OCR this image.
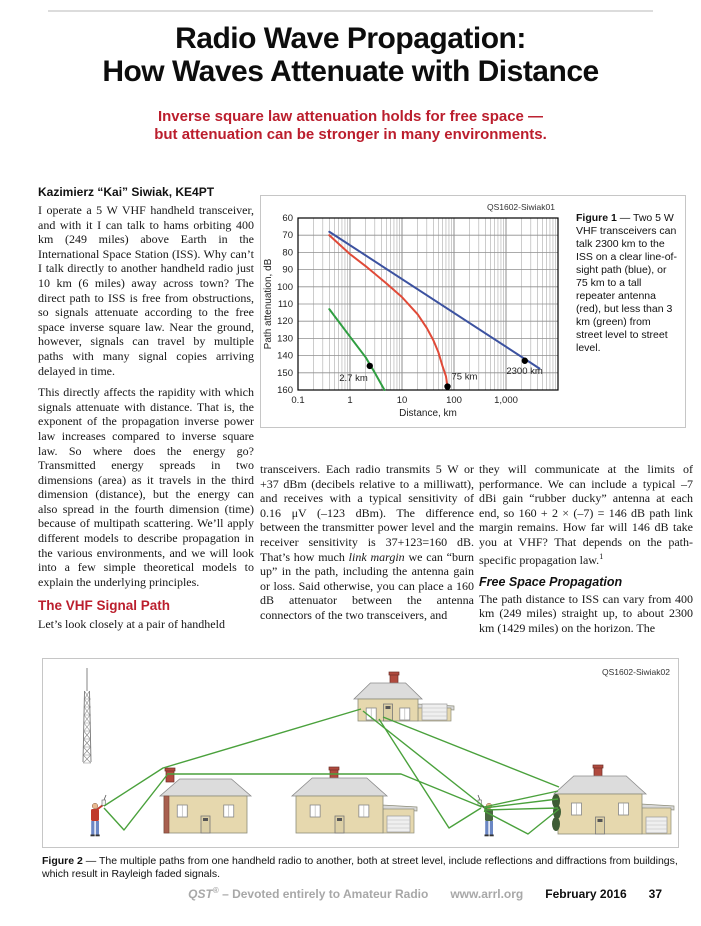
Radio Wave Propagation:
How Waves Attenuate with Distance
Inverse square law attenuation holds for free space —
but attenuation can be stronger in many environments.
Kazimierz “Kai” Siwiak, KE4PT

I operate a 5 W VHF handheld transceiver, and with it I can talk to hams orbiting 400 km (249 miles) above Earth in the International Space Station (ISS). Why can’t I talk directly to another handheld radio just 10 km (6 miles) away across town? The direct path to ISS is free from obstructions, so signals attenuate according to the free space inverse square law. Near the ground, however, signals can travel by multiple paths with many signal copies arriving delayed in time.

This directly affects the rapidity with which signals attenuate with distance. That is, the exponent of the propagation inverse power law increases compared to inverse square law. So where does the energy go? Transmitted energy spreads in two dimensions (area) as it travels in the third dimension (distance), but the energy can also spread in the fourth dimension (time) because of multipath scattering. We’ll apply different models to describe propagation in the various environments, and we will look into a few simple theoretical models to explain the underlying principles.

The VHF Signal Path

Let’s look closely at a pair of handheld

2300 km
75 km
2.7 km
0.1	1	10	100	1,000
60
70
80
90
100
110
120
130
140
150
160
Distance, km
Path attenuation, dB
QS1602-Siwiak01
Figure 1 — Two 5 W VHF transceivers can talk 2300 km to the ISS on a clear line-of-sight path (blue), or 75 km to a tall repeater antenna (red), but less than 3 km (green) from street level to street level.

transceivers. Each radio transmits 5 W or +37 dBm (decibels relative to a milliwatt), and receives with a typical sensitivity of 0.16 μV (–123 dBm). The difference between the transmitter power level and the receiver sensitivity is 37+123=160 dB. That’s how much link margin we can “burn up” in the path, including the antenna gain or loss. Said otherwise, you can place a 160 dB attenuator between the antenna connectors of the two transceivers, and

they will communicate at the limits of performance. We can include a typical –7 dBi gain “rubber ducky” antenna at each end, so 160 + 2 × (–7) = 146 dB path link margin remains. How far will 146 dB take you at VHF? That depends on the path-specific propagation law.$^1$

Free Space Propagation

The path distance to ISS can vary from 400 km (249 miles) straight up, to about 2300 km (1429 miles) on the horizon. The

QS1602-Siwiak02
Figure 2 — The multiple paths from one handheld radio to another, both at street level, include reflections and diffractions from buildings, which result in Rayleigh faded signals.
QST® – Devoted entirely to Amateur Radio www.arrl.org February 2016 37
